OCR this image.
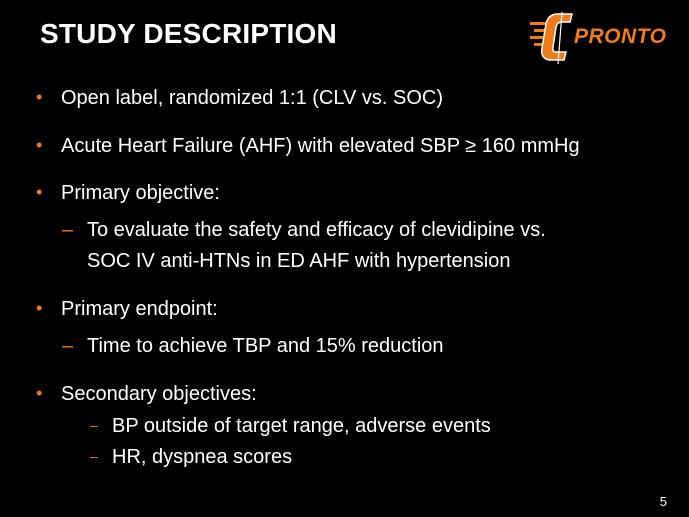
STUDY DESCRIPTION	PRONTO
• Open label, randomized 1:1 (CLV vs. SOC)
• Acute Heart Failure (AHF) with elevated SBP ≥ 160 mmHg
• Primary objective:
– To evaluate the safety and efficacy of clevidipine vs.
SOC IV anti-HTNs in ED AHF with hypertension
• Primary endpoint:
– Time to achieve TBP and 15% reduction
• Secondary objectives:
– BP outside of target range, adverse events
– HR, dyspnea scores
5
